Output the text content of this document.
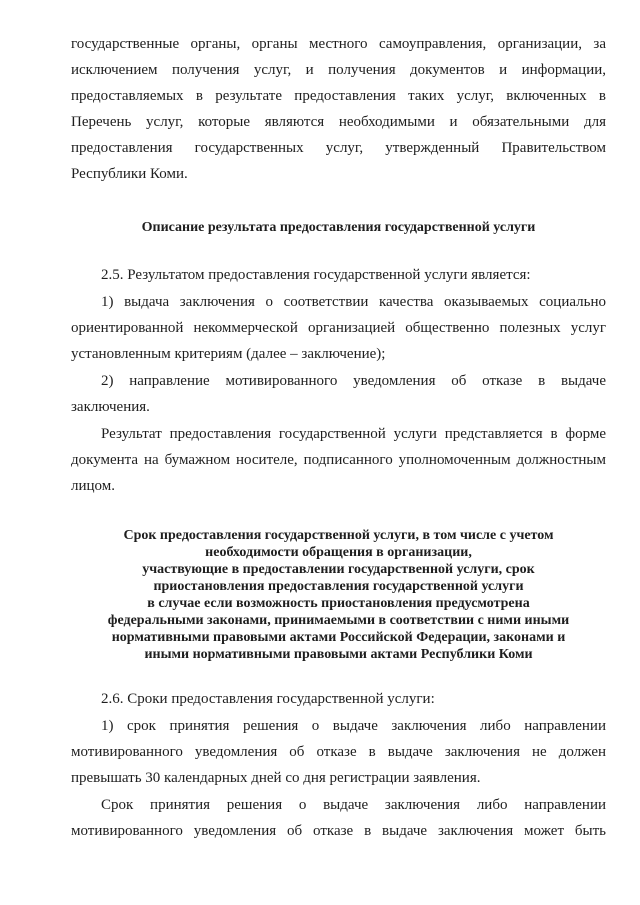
государственные органы, органы местного самоуправления, организации, за
исключением получения услуг, и получения документов и информации,
предоставляемых в результате предоставления таких услуг, включенных в
Перечень услуг, которые являются необходимыми и обязательными для
предоставления государственных услуг, утвержденный Правительством
Республики Коми.
Описание результата предоставления государственной услуги
2.5. Результатом предоставления государственной услуги является:
1) выдача заключения о соответствии качества оказываемых социально
ориентированной некоммерческой организацией общественно полезных услуг
установленным критериям (далее – заключение);
2) направление мотивированного уведомления об отказе в выдаче
заключения.
Результат предоставления государственной услуги представляется в форме
документа на бумажном носителе, подписанного уполномоченным должностным
лицом.
Срок предоставления государственной услуги, в том числе с учетом
необходимости обращения в организации,
участвующие в предоставлении государственной услуги, срок
приостановления предоставления государственной услуги
в случае если возможность приостановления предусмотрена
федеральными законами, принимаемыми в соответствии с ними иными
нормативными правовыми актами Российской Федерации, законами и
иными нормативными правовыми актами Республики Коми
2.6. Сроки предоставления государственной услуги:
1) срок принятия решения о выдаче заключения либо направлении
мотивированного уведомления об отказе в выдаче заключения не должен
превышать 30 календарных дней со дня регистрации заявления.
Срок принятия решения о выдаче заключения либо направлении
мотивированного уведомления об отказе в выдаче заключения может быть
